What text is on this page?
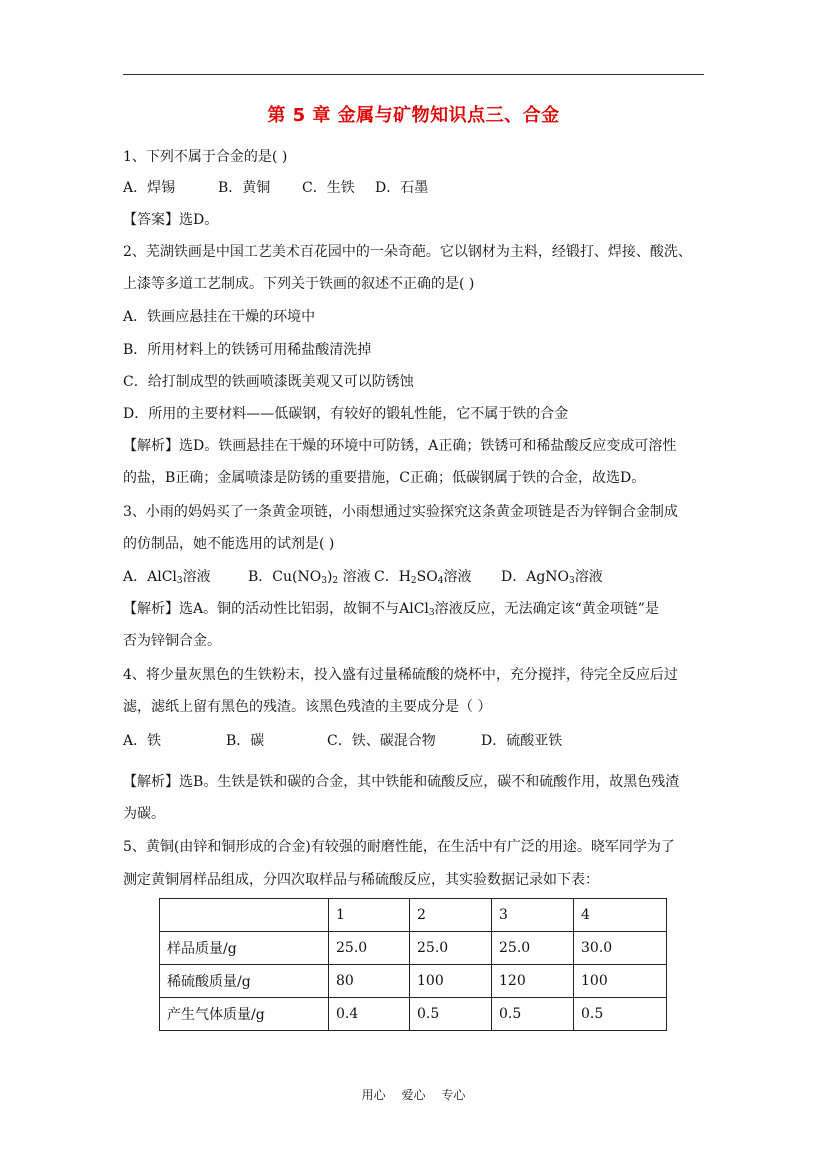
第 5 章 金属与矿物知识点三、合金
1、下列不属于合金的是( )
A．焊锡	B．黄铜 C．生铁 D．石墨
【答案】选D。
2、芜湖铁画是中国工艺美术百花园中的一朵奇葩。它以钢材为主料，经锻打、焊接、酸洗、
上漆等多道工艺制成。下列关于铁画的叙述不正确的是( )
A．铁画应悬挂在干燥的环境中
B．所用材料上的铁锈可用稀盐酸清洗掉
C．给打制成型的铁画喷漆既美观又可以防锈蚀
D．所用的主要材料——低碳钢，有较好的锻轧性能，它不属于铁的合金
【解析】选D。铁画悬挂在干燥的环境中可防锈，A正确；铁锈可和稀盐酸反应变成可溶性
的盐，B正确；金属喷漆是防锈的重要措施，C正确；低碳钢属于铁的合金，故选D。
3、小雨的妈妈买了一条黄金项链，小雨想通过实验探究这条黄金项链是否为锌铜合金制成
的仿制品，她不能选用的试剂是( )
A．AlCl$_3$溶液	B．$Cu(NO_3)_2$ 溶液 C．$H_2SO_4$溶液 D．AgNO$_3$溶液
【解析】选A。铜的活动性比铝弱，故铜不与AlCl$_3$溶液反应，无法确定该“黄金项链”是
否为锌铜合金。
4、将少量灰黑色的生铁粉末，投入盛有过量稀硫酸的烧杯中，充分搅拌，待完全反应后过
滤，滤纸上留有黑色的残渣。该黑色残渣的主要成分是（ ）
A．铁	B．碳	C．铁、碳混合物	D．硫酸亚铁
【解析】选B。生铁是铁和碳的合金，其中铁能和硫酸反应，碳不和硫酸作用，故黑色残渣
为碳。
5、黄铜(由锌和铜形成的合金)有较强的耐磨性能，在生活中有广泛的用途。晓军同学为了
测定黄铜屑样品组成，分四次取样品与稀硫酸反应，其实验数据记录如下表：
	1	2	3	4
样品质量/g	25.0	25.0	25.0	30.0
稀硫酸质量/g	80	100	120	100
产生气体质量/g	0.4	0.5	0.5	0.5
用心 爱心 专心
